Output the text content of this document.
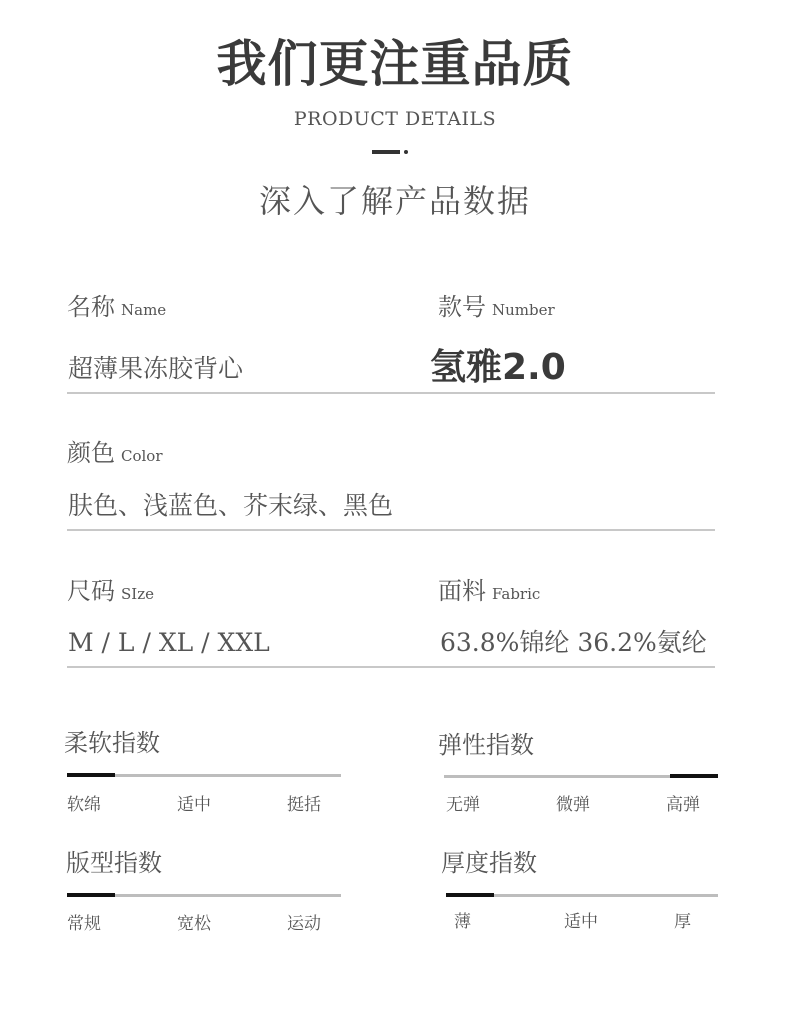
我们更注重品质
PRODUCT DETAILS
深入了解产品数据
名称 Name	款号 Number
超薄果冻胶背心	氢雅2.0
颜色 Color
肤色、浅蓝色、芥末绿、黑色
尺码 SIze	面料 Fabric
M / L / XL / XXL	63.8%锦纶 36.2%氨纶
柔软指数
软绵	适中	挺括
弹性指数
无弹	微弹	高弹
版型指数
常规	宽松	运动
厚度指数
薄	适中	厚
